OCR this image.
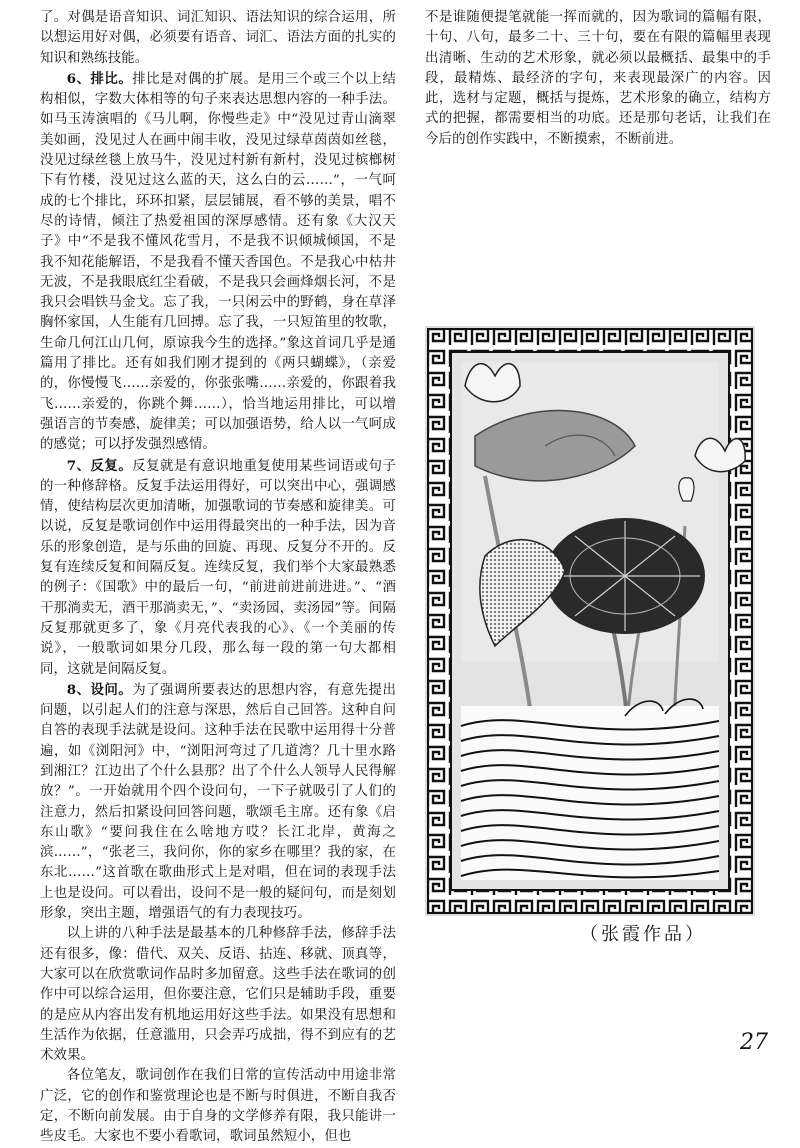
了。对偶是语音知识、词汇知识、语法知识的综合运用，所以想运用好对偶，必须要有语音、词汇、语法方面的扎实的知识和熟练技能。

6、排比。排比是对偶的扩展。是用三个或三个以上结构相似，字数大体相等的句子来表达思想内容的一种手法。如马玉涛演唱的《马儿啊，你慢些走》中“没见过青山滴翠美如画，没见过人在画中闹丰收，没见过绿草茵茵如丝毯，没见过绿丝毯上放马牛，没见过村新有新村，没见过槟榔树下有竹楼，没见过这么蓝的天，这么白的云……”，一气呵成的七个排比，环环扣紧，层层铺展，看不够的美景，唱不尽的诗情，倾注了热爱祖国的深厚感情。还有象《大汉天子》中“不是我不懂风花雪月，不是我不识倾城倾国，不是我不知花能解语，不是我看不懂天香国色。不是我心中枯井无波，不是我眼底红尘看破，不是我只会画烽烟长河，不是我只会唱铁马金戈。忘了我，一只闲云中的野鹤，身在草泽胸怀家国，人生能有几回搏。忘了我，一只短笛里的牧歌，生命几何江山几何，原谅我今生的选择。”象这首词几乎是通篇用了排比。还有如我们刚才提到的《两只蝴蝶》，（亲爱的，你慢慢飞……亲爱的，你张张嘴……亲爱的，你跟着我飞……亲爱的，你跳个舞……），恰当地运用排比，可以增强语言的节奏感，旋律美；可以加强语势，给人以一气呵成的感觉；可以抒发强烈感情。

7、反复。反复就是有意识地重复使用某些词语或句子的一种修辞格。反复手法运用得好，可以突出中心，强调感情，使结构层次更加清晰，加强歌词的节奏感和旋律美。可以说，反复是歌词创作中运用得最突出的一种手法，因为音乐的形象创造，是与乐曲的回旋、再现、反复分不开的。反复有连续反复和间隔反复。连续反复，我们举个大家最熟悉的例子：《国歌》中的最后一句，“前进前进前进进。”、“酒干那淌卖无，酒干那淌卖无，”、“卖汤园，卖汤园”等。间隔反复那就更多了，象《月亮代表我的心》、《一个美丽的传说》，一般歌词如果分几段，那么每一段的第一句大都相同，这就是间隔反复。

8、设问。为了强调所要表达的思想内容，有意先提出问题，以引起人们的注意与深思，然后自己回答。这种自问自答的表现手法就是设问。这种手法在民歌中运用得十分普遍，如《浏阳河》中，“浏阳河弯过了几道湾？几十里水路到湘江？江边出了个什么县那？出了个什么人领导人民得解放？”。一开始就用个四个设问句，一下子就吸引了人们的注意力，然后扣紧设问回答问题，歌颂毛主席。还有象《启东山歌》“要问我住在么啥地方哎？长江北岸，黄海之滨……”，“张老三，我问你，你的家乡在哪里？我的家，在东北……”这首歌在歌曲形式上是对唱，但在词的表现手法上也是设问。可以看出，设问不是一般的疑问句，而是刻划形象，突出主题，增强语气的有力表现技巧。

以上讲的八种手法是最基本的几种修辞手法，修辞手法还有很多，像：借代、双关、反语、拈连、移就、顶真等，大家可以在欣赏歌词作品时多加留意。这些手法在歌词的创作中可以综合运用，但你要注意，它们只是辅助手段，重要的是应从内容出发有机地运用好这些手法。如果没有思想和生活作为依据，任意滥用，只会弄巧成拙，得不到应有的艺术效果。

各位笔友，歌词创作在我们日常的宣传活动中用途非常广泛，它的创作和鉴赏理论也是不断与时俱进，不断自我否定，不断向前发展。由于自身的文学修养有限，我只能讲一些皮毛。大家也不要小看歌词，歌词虽然短小，但也

不是谁随便提笔就能一挥而就的，因为歌词的篇幅有限，十句、八句，最多二十、三十句，要在有限的篇幅里表现出清晰、生动的艺术形象，就必须以最概括、最集中的手段，最精炼、最经济的字句，来表现最深广的内容。因此，选材与定题，概括与提炼，艺术形象的确立，结构方式的把握，都需要相当的功底。还是那句老话，让我们在今后的创作实践中，不断摸索，不断前进。

（张霞作品）
27
